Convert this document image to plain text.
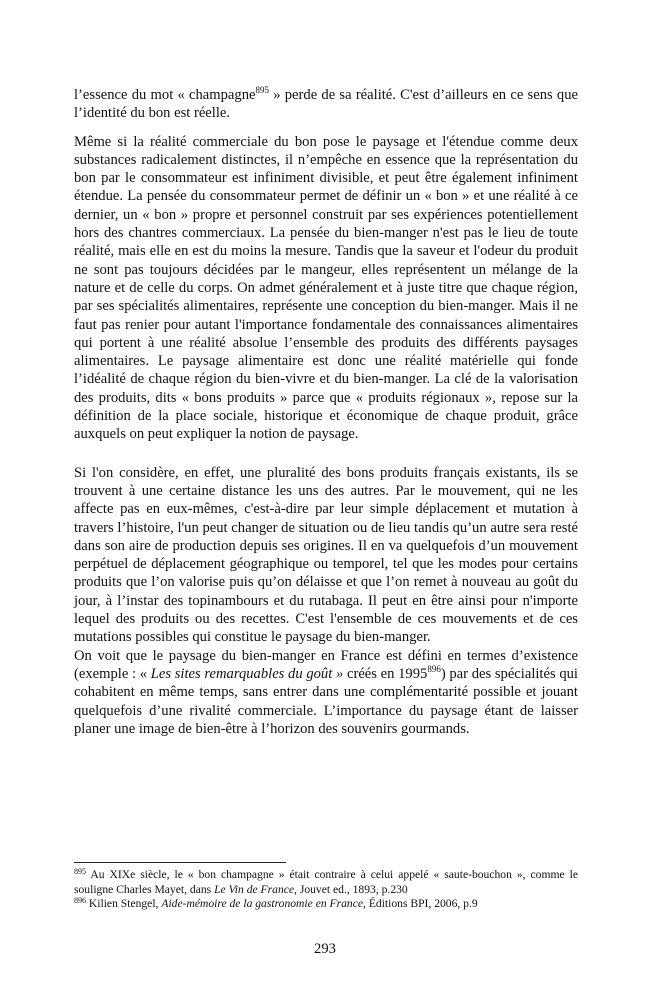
l’essence du mot « champagne$^{895}$ » perde de sa réalité. C'est d’ailleurs en ce sens que l’identité du bon est réelle.

Même si la réalité commerciale du bon pose le paysage et l'étendue comme deux substances radicalement distinctes, il n’empêche en essence que la représentation du bon par le consommateur est infiniment divisible, et peut être également infiniment étendue. La pensée du consommateur permet de définir un « bon » et une réalité à ce dernier, un « bon » propre et personnel construit par ses expériences potentiellement hors des chantres commerciaux. La pensée du bien-manger n'est pas le lieu de toute réalité, mais elle en est du moins la mesure. Tandis que la saveur et l'odeur du produit ne sont pas toujours décidées par le mangeur, elles représentent un mélange de la nature et de celle du corps. On admet généralement et à juste titre que chaque région, par ses spécialités alimentaires, représente une conception du bien-manger. Mais il ne faut pas renier pour autant l'importance fondamentale des connaissances alimentaires qui portent à une réalité absolue l’ensemble des produits des différents paysages alimentaires. Le paysage alimentaire est donc une réalité matérielle qui fonde l’idéalité de chaque région du bien-vivre et du bien-manger. La clé de la valorisation des produits, dits « bons produits » parce que « produits régionaux », repose sur la définition de la place sociale, historique et économique de chaque produit, grâce auxquels on peut expliquer la notion de paysage.

Si l'on considère, en effet, une pluralité des bons produits français existants, ils se trouvent à une certaine distance les uns des autres. Par le mouvement, qui ne les affecte pas en eux-mêmes, c'est-à-dire par leur simple déplacement et mutation à travers l’histoire, l'un peut changer de situation ou de lieu tandis qu’un autre sera resté dans son aire de production depuis ses origines. Il en va quelquefois d’un mouvement perpétuel de déplacement géographique ou temporel, tel que les modes pour certains produits que l’on valorise puis qu’on délaisse et que l’on remet à nouveau au goût du jour, à l’instar des topinambours et du rutabaga. Il peut en être ainsi pour n'importe lequel des produits ou des recettes. C'est l'ensemble de ces mouvements et de ces mutations possibles qui constitue le paysage du bien-manger.

On voit que le paysage du bien-manger en France est défini en termes d’existence (exemple : « Les sites remarquables du goût » créés en 1995$^{896}$) par des spécialités qui cohabitent en même temps, sans entrer dans une complémentarité possible et jouant quelquefois d’une rivalité commerciale. L’importance du paysage étant de laisser planer une image de bien-être à l’horizon des souvenirs gourmands.

$^{895}$ Au XIXe siècle, le « bon champagne » était contraire à celui appelé « saute-bouchon », comme le souligne Charles Mayet, dans Le Vin de France, Jouvet ed., 1893, p.230

$^{896}$ Kilien Stengel, Aide-mémoire de la gastronomie en France, Éditions BPI, 2006, p.9

293
